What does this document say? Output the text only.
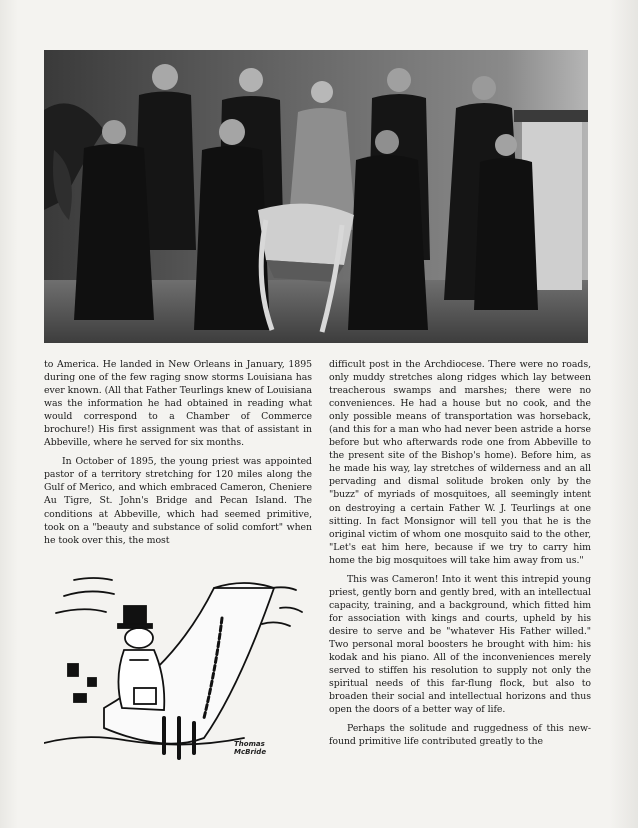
to America. He landed in New Orleans in January, 1895 during one of the few raging snow storms Louisiana has ever known. (All that Father Teurlings knew of Louisiana was the information he had obtained in reading what would correspond to a Chamber of Commerce brochure!) His first assignment was that of assistant in Abbeville, where he served for six months.

In October of 1895, the young priest was appointed pastor of a territory stretching for 120 miles along the Gulf of Merico, and which embraced Cameron, Cheniere Au Tigre, St. John's Bridge and Pecan Island. The conditions at Abbeville, which had seemed primitive, took on a "beauty and substance of solid comfort" when he took over this, the most

difficult post in the Archdiocese. There were no roads, only muddy stretches along ridges which lay between treacherous swamps and marshes; there were no conveniences. He had a house but no cook, and the only possible means of transportation was horseback, (and this for a man who had never been astride a horse before but who afterwards rode one from Abbeville to the present site of the Bishop's home). Before him, as he made his way, lay stretches of wilderness and an all pervading and dismal solitude broken only by the "buzz" of myriads of mosquitoes, all seemingly intent on destroying a certain Father W. J. Teurlings at one sitting. In fact Monsignor will tell you that he is the original victim of whom one mosquito said to the other, "Let's eat him here, because if we try to carry him home the big mosquitoes will take him away from us."

This was Cameron! Into it went this intrepid young priest, gently born and gently bred, with an intellectual capacity, training, and a background, which fitted him for association with kings and courts, upheld by his desire to serve and be "whatever His Father willed." Two personal moral boosters he brought with him: his kodak and his piano. All of the inconveniences merely served to stiffen his resolution to supply not only the spiritual needs of this far-flung flock, but also to broaden their social and intellectual horizons and thus open the doors of a better way of life.

Perhaps the solitude and ruggedness of this new-found primitive life contributed greatly to the

Thomas
McBride
